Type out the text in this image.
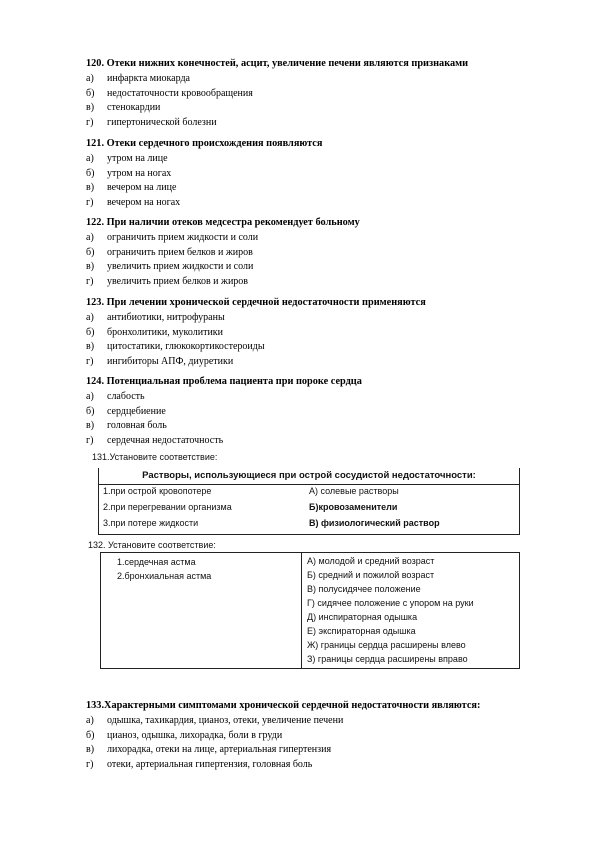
120. Отеки нижних конечностей, асцит, увеличение печени являются признаками

а) инфаркта миокарда
б) недостаточности кровообращения
в) стенокардии
г) гипертонической болезни

121. Отеки сердечного происхождения появляются

а) утром на лице
б) утром на ногах
в) вечером на лице
г) вечером на ногах

122. При наличии отеков медсестра рекомендует больному

а) ограничить прием жидкости и соли
б) ограничить прием белков и жиров
в) увеличить прием жидкости и соли
г) увеличить прием белков и жиров

123. При лечении хронической сердечной недостаточности применяются

а) антибиотики, нитрофураны
б) бронхолитики, муколитики
в) цитостатики, глюкокортикостероиды
г) ингибиторы АПФ, диуретики

124. Потенциальная проблема пациента при пороке сердца

а) слабость
б) сердцебиение
в) головная боль
г) сердечная недостаточность
131.Установите соответствие:
Растворы, использующиеся при острой сосудистой недостаточности:
1.при острой кровопотере
2.при перегревании организма
3.при потере жидкости
А) солевые растворы
Б)кровозаменители
В) физиологический раствор
132. Установите соответствие:
1.сердечная астма
2.бронхиальная астма
А) молодой и средний возраст
Б) средний и пожилой возраст
В) полусидячее положение
Г) сидячее положение с упором на руки
Д) инспираторная одышка
Е) экспираторная одышка
Ж) границы сердца расширены влево
З) границы сердца расширены вправо

133.Характерными симптомами хронической сердечной недостаточности являются:

а) одышка, тахикардия, цианоз, отеки, увеличение печени
б) цианоз, одышка, лихорадка, боли в груди
в) лихорадка, отеки на лице, артериальная гипертензия
г) отеки, артериальная гипертензия, головная боль
